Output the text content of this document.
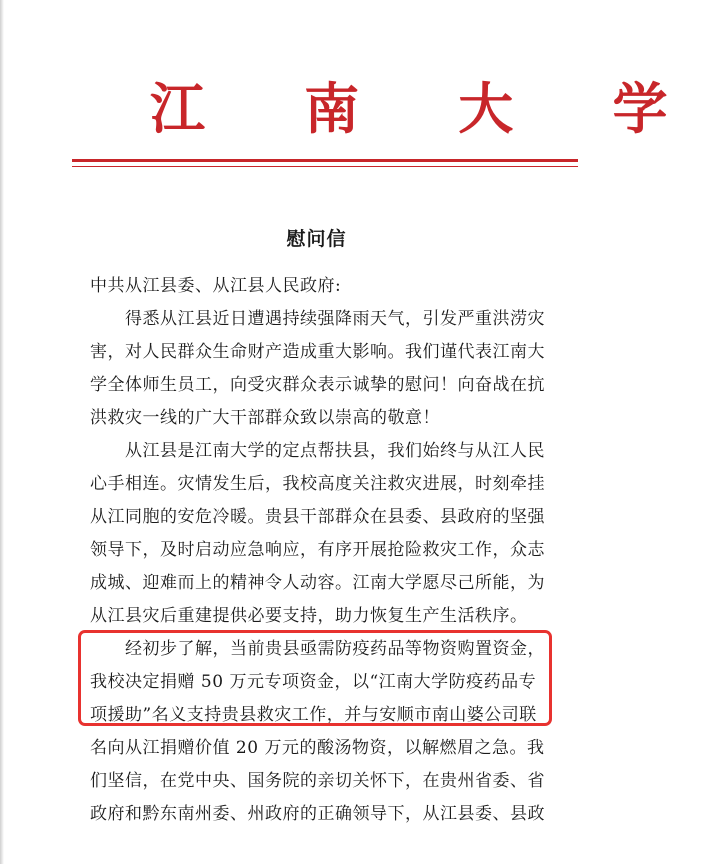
江 南 大 学
慰问信
中共从江县委、从江县人民政府:
　　得悉从江县近日遭遇持续强降雨天气，引发严重洪涝灾
害，对人民群众生命财产造成重大影响。我们谨代表江南大
学全体师生员工，向受灾群众表示诚挚的慰问！向奋战在抗
洪救灾一线的广大干部群众致以崇高的敬意！
　　从江县是江南大学的定点帮扶县，我们始终与从江人民
心手相连。灾情发生后，我校高度关注救灾进展，时刻牵挂
从江同胞的安危冷暖。贵县干部群众在县委、县政府的坚强
领导下，及时启动应急响应，有序开展抢险救灾工作，众志
成城、迎难而上的精神令人动容。江南大学愿尽己所能，为
从江县灾后重建提供必要支持，助力恢复生产生活秩序。
　　经初步了解，当前贵县亟需防疫药品等物资购置资金，
我校决定捐赠 50 万元专项资金，以“江南大学防疫药品专
项援助”名义支持贵县救灾工作，并与安顺市南山婆公司联
名向从江捐赠价值 20 万元的酸汤物资，以解燃眉之急。我
们坚信，在党中央、国务院的亲切关怀下，在贵州省委、省
政府和黔东南州委、州政府的正确领导下，从江县委、县政
